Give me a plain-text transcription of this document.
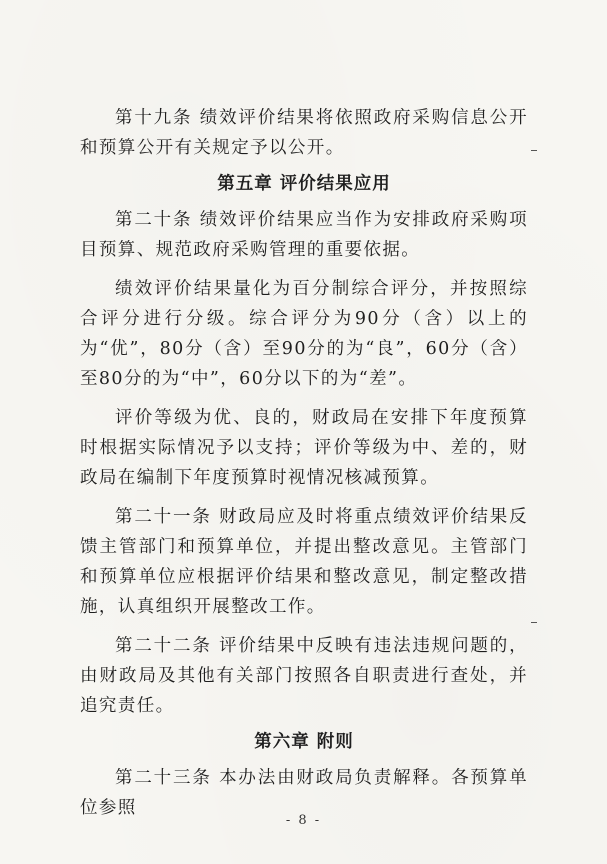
第十九条 绩效评价结果将依照政府采购信息公开和预算公开有关规定予以公开。

第五章 评价结果应用

第二十条 绩效评价结果应当作为安排政府采购项目预算、规范政府采购管理的重要依据。

绩效评价结果量化为百分制综合评分，并按照综合评分进行分级。综合评分为90分（含）以上的为“优”，80分（含）至90分的为“良”，60分（含）至80分的为“中”，60分以下的为“差”。

评价等级为优、良的，财政局在安排下年度预算时根据实际情况予以支持；评价等级为中、差的，财政局在编制下年度预算时视情况核减预算。

第二十一条 财政局应及时将重点绩效评价结果反馈主管部门和预算单位，并提出整改意见。主管部门和预算单位应根据评价结果和整改意见，制定整改措施，认真组织开展整改工作。

第二十二条 评价结果中反映有违法违规问题的，由财政局及其他有关部门按照各自职责进行查处，并追究责任。

第六章 附则

第二十三条 本办法由财政局负责解释。各预算单位参照

- 8 -
